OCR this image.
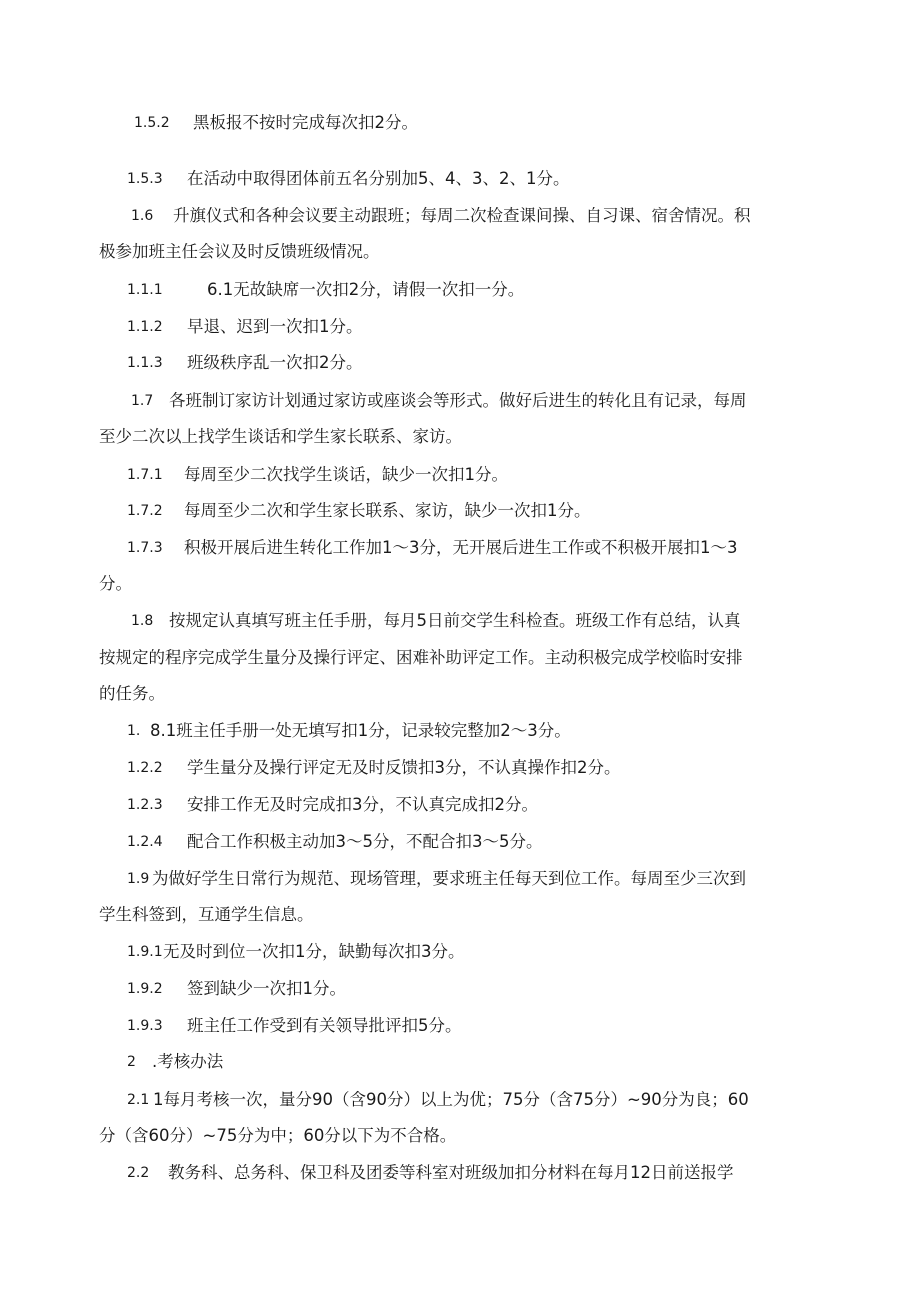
1.5.2 黑板报不按时完成每次扣2分。
1.5.3 在活动中取得团体前五名分别加5、4、3、2、1分。
1.6 升旗仪式和各种会议要主动跟班；每周二次检查课间操、自习课、宿舍情况。积
极参加班主任会议及时反馈班级情况。
1.1.1	6.1无故缺席一次扣2分，请假一次扣一分。
1.1.2 早退、迟到一次扣1分。
1.1.3 班级秩序乱一次扣2分。
1.7 各班制订家访计划通过家访或座谈会等形式。做好后进生的转化且有记录，每周
至少二次以上找学生谈话和学生家长联系、家访。
1.7.1 每周至少二次找学生谈话，缺少一次扣1分。
1.7.2 每周至少二次和学生家长联系、家访，缺少一次扣1分。
1.7.3 积极开展后进生转化工作加1～3分，无开展后进生工作或不积极开展扣1～3
分。
1.8 按规定认真填写班主任手册，每月5日前交学生科检查。班级工作有总结，认真
按规定的程序完成学生量分及操行评定、困难补助评定工作。主动积极完成学校临时安排
的任务。
1. 8.1班主任手册一处无填写扣1分，记录较完整加2～3分。
1.2.2 学生量分及操行评定无及时反馈扣3分，不认真操作扣2分。
1.2.3 安排工作无及时完成扣3分，不认真完成扣2分。
1.2.4 配合工作积极主动加3～5分，不配合扣3～5分。
1.9 为做好学生日常行为规范、现场管理，要求班主任每天到位工作。每周至少三次到
学生科签到，互通学生信息。
1.9.1 无及时到位一次扣1分，缺勤每次扣3分。
1.9.2 签到缺少一次扣1分。
1.9.3 班主任工作受到有关领导批评扣5分。
2 .考核办法
2.1 1每月考核一次，量分90（含90分）以上为优；75分（含75分）~90分为良；60
分（含60分）~75分为中；60分以下为不合格。
2.2 教务科、总务科、保卫科及团委等科室对班级加扣分材料在每月12日前送报学
